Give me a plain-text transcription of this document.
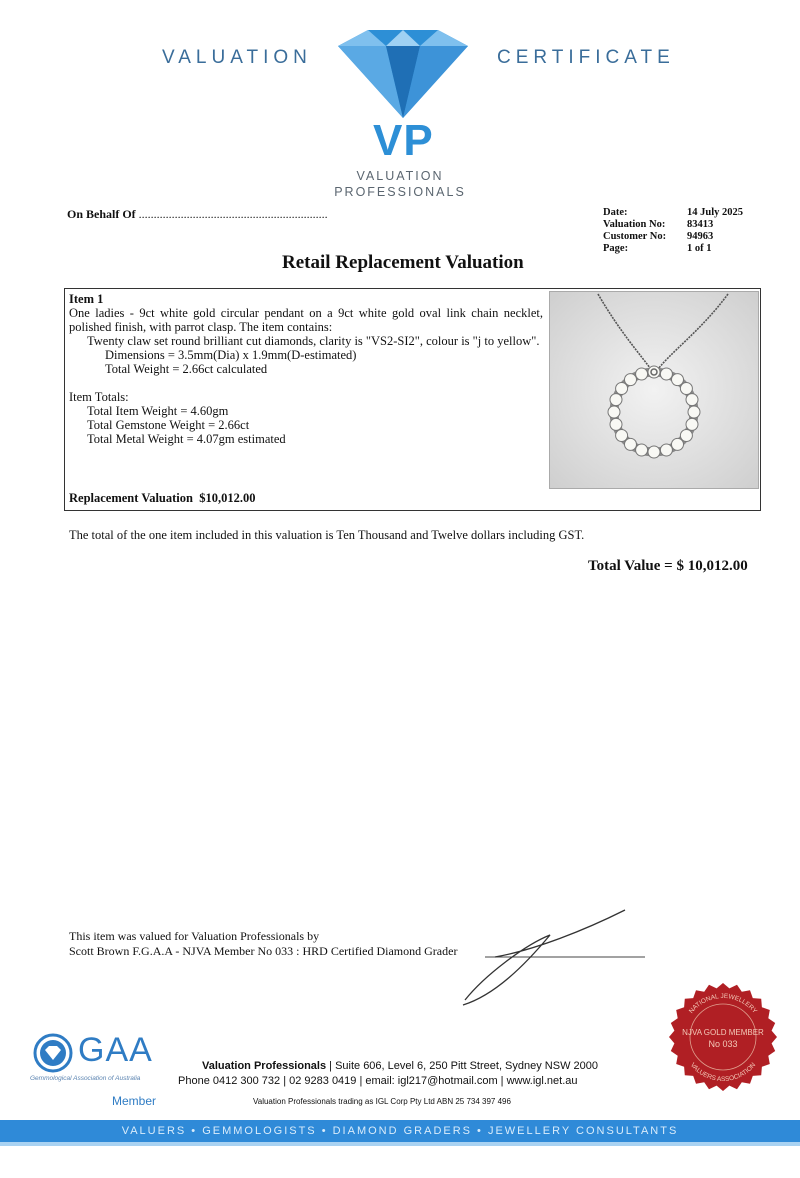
VALUATION	CERTIFICATE
VP
VALUATION
PROFESSIONALS
On Behalf Of ...............................................................	Date:
Valuation No:
Customer No:
Page:
14 July 2025
83413
94963
1 of 1
Retail Replacement Valuation

Item 1

One ladies - 9ct white gold circular pendant on a 9ct white gold oval link chain necklet, polished finish, with parrot clasp. The item contains:

Twenty claw set round brilliant cut diamonds, clarity is "VS2-SI2", colour is "j to yellow".

Dimensions = 3.5mm(Dia) x 1.9mm(D-estimated)

Total Weight = 2.66ct calculated

Item Totals:

Total Item Weight = 4.60gm

Total Gemstone Weight = 2.66ct

Total Metal Weight = 4.07gm estimated

Replacement Valuation $10,012.00
The total of the one item included in this valuation is Ten Thousand and Twelve dollars including GST.
Total Value = $ 10,012.00
This item was valued for Valuation Professionals by
Scott Brown F.G.A.A - NJVA Member No 033 : HRD Certified Diamond Grader
GAA
Gemmological Association of Australia
Member
Valuation Professionals | Suite 606, Level 6, 250 Pitt Street, Sydney NSW 2000
Phone 0412 300 732 | 02 9283 0419 | email: igl217@hotmail.com | www.igl.net.au
Valuation Professionals trading as IGL Corp Pty Ltd ABN 25 734 397 496
NATIONAL JEWELLERY
VALUERS ASSOCIATION
NJVA GOLD MEMBER
No 033
VALUERS • GEMMOLOGISTS • DIAMOND GRADERS • JEWELLERY CONSULTANTS
